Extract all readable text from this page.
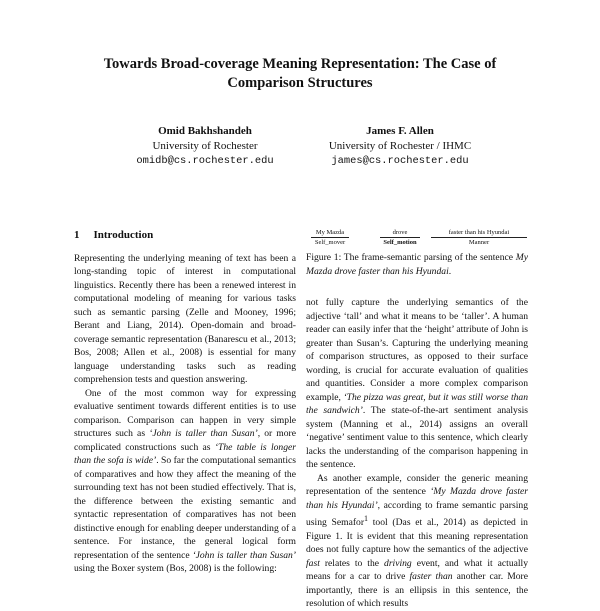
Towards Broad-coverage Meaning Representation: The Case of
Comparison Structures
Omid Bakhshandeh
University of Rochester
omidb@cs.rochester.edu
James F. Allen
University of Rochester / IHMC
james@cs.rochester.edu
1 Introduction

Representing the underlying meaning of text has been a long-standing topic of interest in computational linguistics. Recently there has been a renewed interest in computational modeling of meaning for various tasks such as semantic parsing (Zelle and Mooney, 1996; Berant and Liang, 2014). Open-domain and broad-coverage semantic representation (Banarescu et al., 2013; Bos, 2008; Allen et al., 2008) is essential for many language understanding tasks such as reading comprehension tests and question answering.

One of the most common way for expressing evaluative sentiment towards different entities is to use comparison. Comparison can happen in very simple structures such as ‘John is taller than Susan’, or more complicated constructions such as ‘The table is longer than the sofa is wide’. So far the computational semantics of comparatives and how they affect the meaning of the surrounding text has not been studied effectively. That is, the difference between the existing semantic and syntactic representation of comparatives has not been distinctive enough for enabling deeper understanding of a sentence. For instance, the general logical form representation of the sentence ‘John is taller than Susan’ using the Boxer system (Bos, 2008) is the following:

My Mazda
Self_mover
drove
Self_motion
faster than his Hyundai
Manner
Figure 1: The frame-semantic parsing of the sentence My Mazda drove faster than his Hyundai.

not fully capture the underlying semantics of the adjective ‘tall’ and what it means to be ‘taller’. A human reader can easily infer that the ‘height’ attribute of John is greater than Susan’s. Capturing the underlying meaning of comparison structures, as opposed to their surface wording, is crucial for accurate evaluation of qualities and quantities. Consider a more complex comparison example, ‘The pizza was great, but it was still worse than the sandwich’. The state-of-the-art sentiment analysis system (Manning et al., 2014) assigns an overall ‘negative’ sentiment value to this sentence, which clearly lacks the understanding of the comparison happening in the sentence.

As another example, consider the generic meaning representation of the sentence ‘My Mazda drove faster than his Hyundai’, according to frame semantic parsing using Semafor$^1$ tool (Das et al., 2014) as depicted in Figure 1. It is evident that this meaning representation does not fully capture how the semantics of the adjective fast relates to the driving event, and what it actually means for a car to drive faster than another car. More importantly, there is an ellipsis in this sentence, the resolution of which results
